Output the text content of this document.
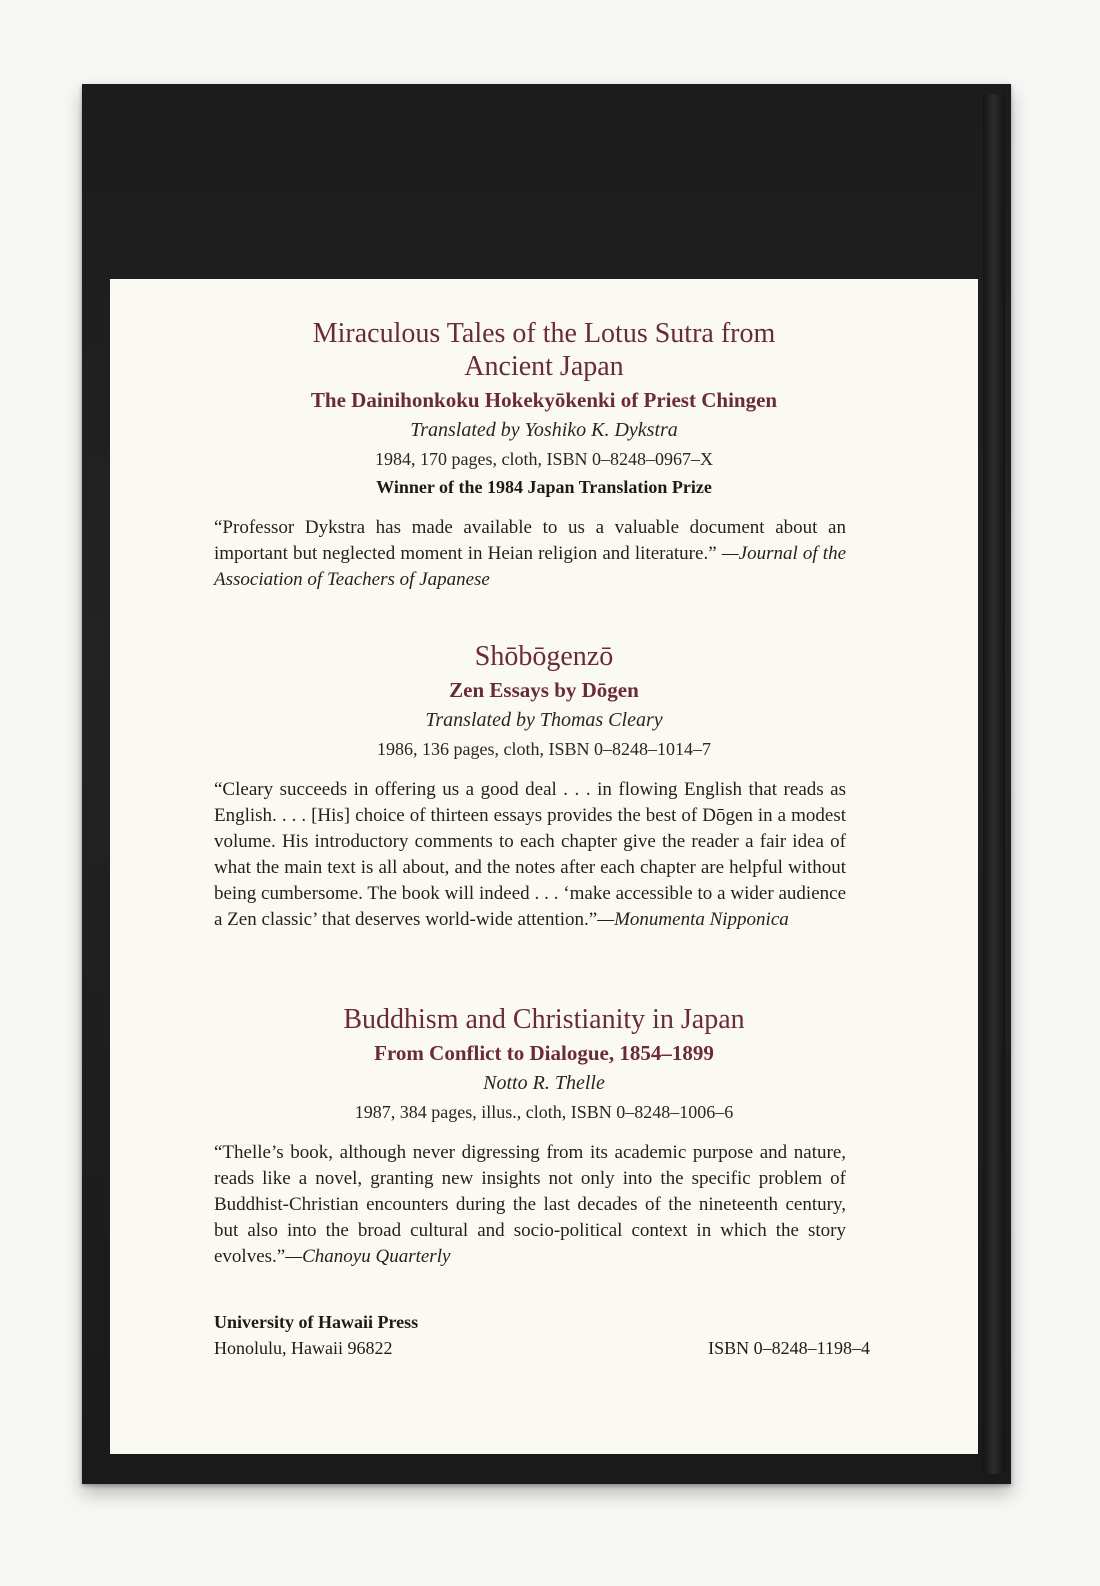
Miraculous Tales of the Lotus Sutra from Ancient Japan

The Dainihonkoku Hokekyōkenki of Priest Chingen
Translated by Yoshiko K. Dykstra
1984, 170 pages, cloth, ISBN 0–8248–0967–X
Winner of the 1984 Japan Translation Prize
“Professor Dykstra has made available to us a valuable document about an important but neglected moment in Heian religion and literature.” —Journal of the Association of Teachers of Japanese

Shōbōgenzō

Zen Essays by Dōgen
Translated by Thomas Cleary
1986, 136 pages, cloth, ISBN 0–8248–1014–7
“Cleary succeeds in offering us a good deal . . . in flowing English that reads as English. . . . [His] choice of thirteen essays provides the best of Dōgen in a modest volume. His introductory comments to each chapter give the reader a fair idea of what the main text is all about, and the notes after each chapter are helpful without being cumbersome. The book will indeed . . . ‘make accessible to a wider audience a Zen classic’ that deserves world-wide attention.”—Monumenta Nipponica

Buddhism and Christianity in Japan

From Conflict to Dialogue, 1854–1899
Notto R. Thelle
1987, 384 pages, illus., cloth, ISBN 0–8248–1006–6
“Thelle’s book, although never digressing from its academic purpose and nature, reads like a novel, granting new insights not only into the specific problem of Buddhist-Christian encounters during the last decades of the nineteenth century, but also into the broad cultural and socio-political context in which the story evolves.”—Chanoyu Quarterly
University of Hawaii Press
Honolulu, Hawaii 96822	ISBN 0–8248–1198–4
